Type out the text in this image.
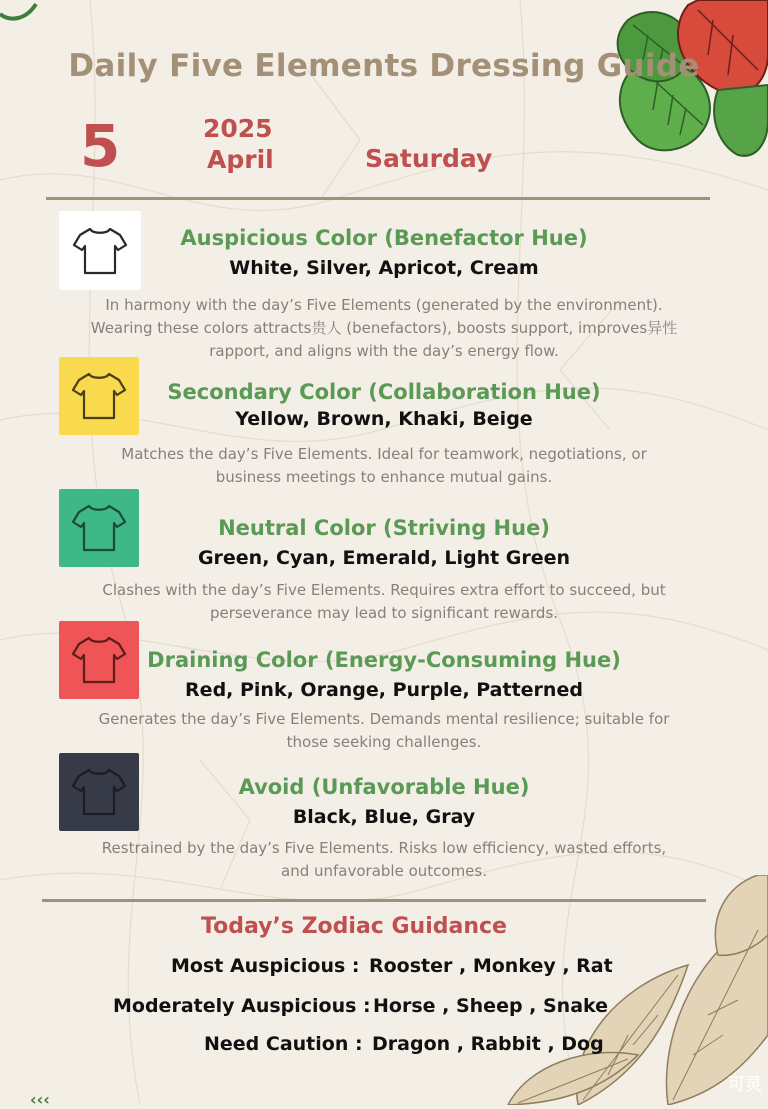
Daily Five Elements Dressing Guide
5	2025
April	Saturday
Auspicious Color (Benefactor Hue)
White, Silver, Apricot, Cream
In harmony with the day’s Five Elements (generated by the environment).
Wearing these colors attracts贵人 (benefactors), boosts support, improves异性
rapport, and aligns with the day’s energy flow.
Secondary Color (Collaboration Hue)
Yellow, Brown, Khaki, Beige
Matches the day’s Five Elements. Ideal for teamwork, negotiations, or
business meetings to enhance mutual gains.
Neutral Color (Striving Hue)
Green, Cyan, Emerald, Light Green
Clashes with the day’s Five Elements. Requires extra effort to succeed, but
perseverance may lead to significant rewards.
Draining Color (Energy-Consuming Hue)
Red, Pink, Orange, Purple, Patterned
Generates the day’s Five Elements. Demands mental resilience; suitable for
those seeking challenges.
Avoid (Unfavorable Hue)
Black, Blue, Gray
Restrained by the day’s Five Elements. Risks low efficiency, wasted efforts,
and unfavorable outcomes.
Today’s Zodiac Guidance
Most Auspicious : Rooster , Monkey , Rat
Moderately Auspicious : Horse , Sheep , Snake
Need Caution : Dragon , Rabbit , Dog
‹‹‹
可灵
